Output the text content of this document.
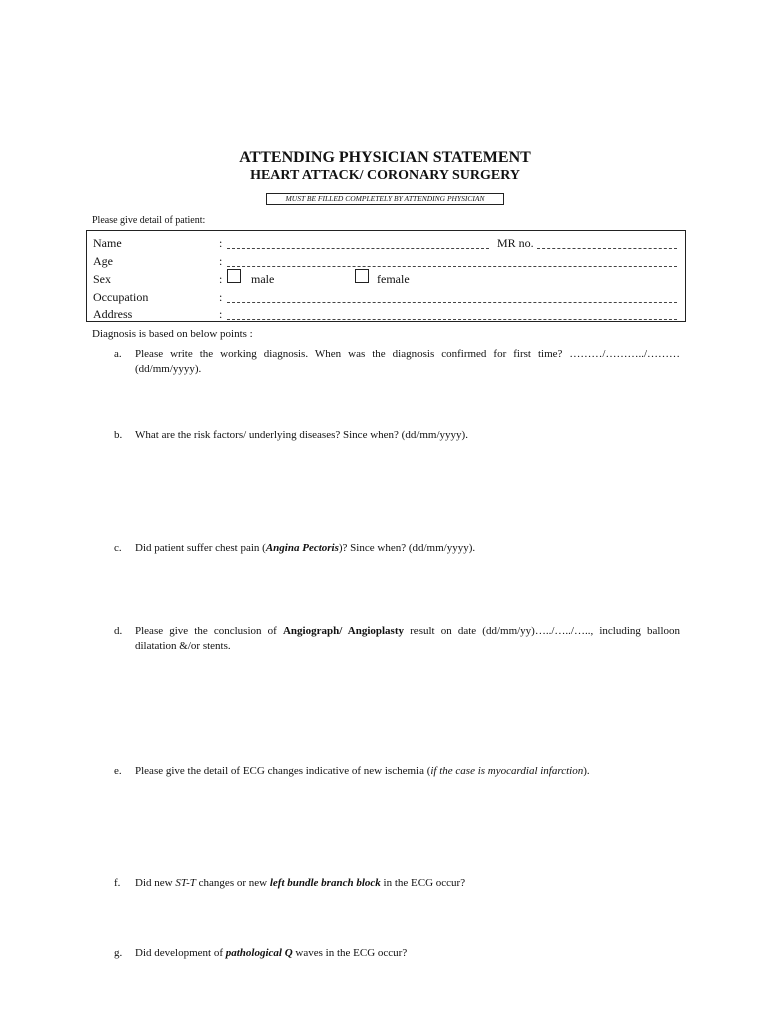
ATTENDING PHYSICIAN STATEMENT
HEART ATTACK/ CORONARY SURGERY
MUST BE FILLED COMPLETELY BY ATTENDING PHYSICIAN
Please give detail of patient:
Name	:	MR no.
Age	:
Sex	: male	female
Occupation	:
Address	:
Diagnosis is based on below points :
a. Please write the working diagnosis. When was the diagnosis confirmed for first time? ………/………../……… (dd/mm/yyyy).
b. What are the risk factors/ underlying diseases? Since when? (dd/mm/yyyy).
c. Did patient suffer chest pain (Angina Pectoris)? Since when? (dd/mm/yyyy).
d. Please give the conclusion of Angiograph/ Angioplasty result on date (dd/mm/yy)…../…../….., including balloon dilatation &/or stents.
e. Please give the detail of ECG changes indicative of new ischemia (if the case is myocardial infarction).
f. Did new ST-T changes or new left bundle branch block in the ECG occur?
g. Did development of pathological Q waves in the ECG occur?
